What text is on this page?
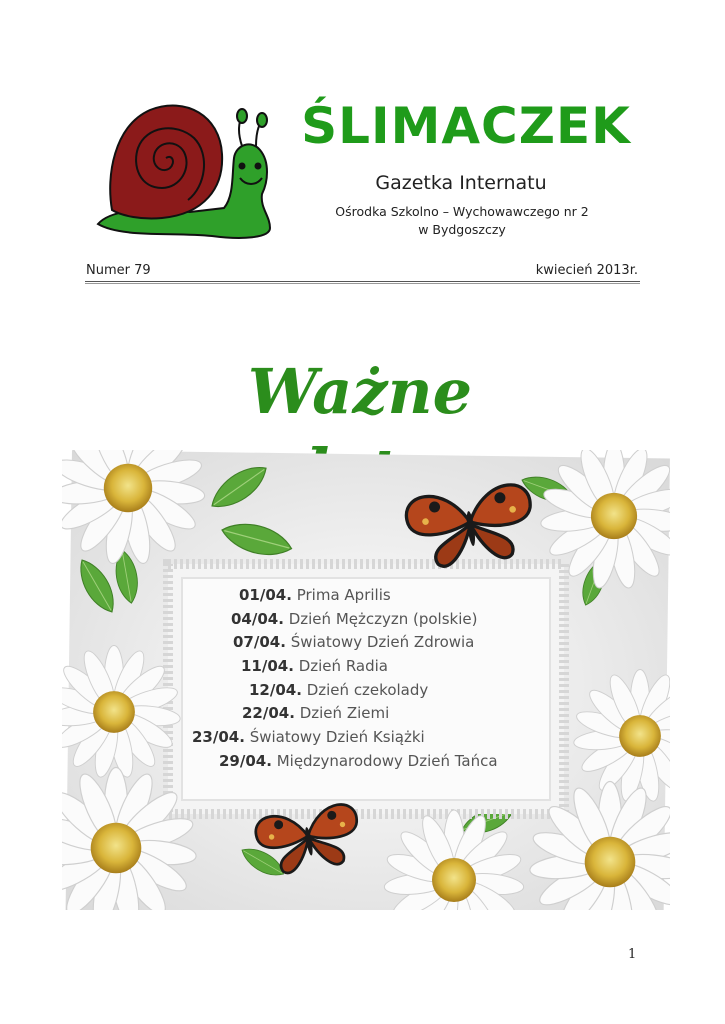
ŚLIMACZEK
Gazetka Internatu
Ośrodka Szkolno – Wychowawczego nr 2
w Bydgoszczy
Numer 79	kwiecień 2013r.
Ważne
01/04. Prima Aprilis
04/04. Dzień Mężczyzn (polskie)
07/04. Światowy Dzień Zdrowia
11/04. Dzień Radia
12/04. Dzień czekolady
22/04. Dzień Ziemi
23/04. Światowy Dzień Książki
29/04. Międzynarodowy Dzień Tańca
1
